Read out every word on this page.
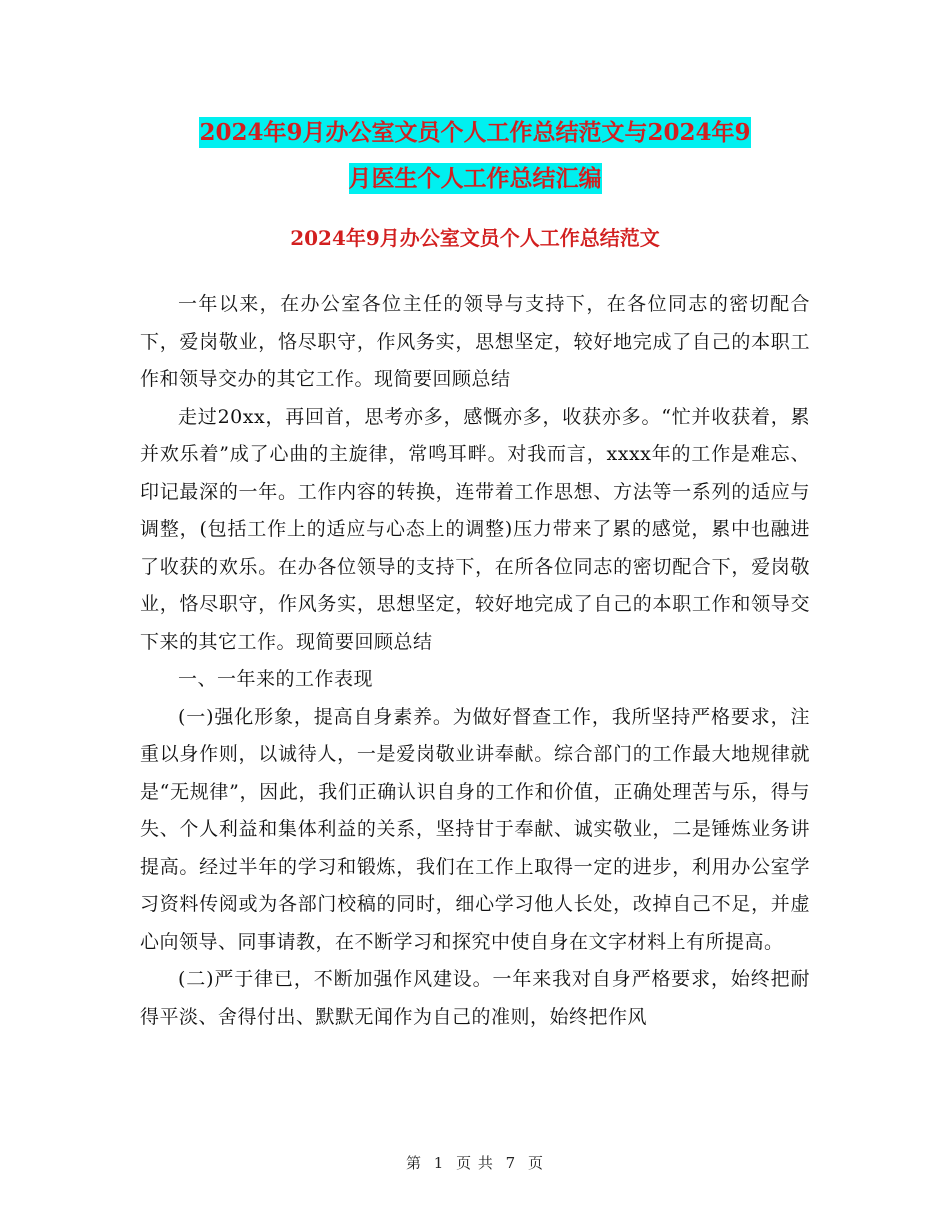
2024年9月办公室文员个人工作总结范文与2024年9
月医生个人工作总结汇编
2024年9月办公室文员个人工作总结范文

一年以来，在办公室各位主任的领导与支持下，在各位同志的密切配合下，爱岗敬业，恪尽职守，作风务实，思想坚定，较好地完成了自己的本职工作和领导交办的其它工作。现简要回顾总结

走过20xx，再回首，思考亦多，感慨亦多，收获亦多。“忙并收获着，累并欢乐着”成了心曲的主旋律，常鸣耳畔。对我而言，xxxx年的工作是难忘、印记最深的一年。工作内容的转换，连带着工作思想、方法等一系列的适应与调整，(包括工作上的适应与心态上的调整)压力带来了累的感觉，累中也融进了收获的欢乐。在办各位领导的支持下，在所各位同志的密切配合下，爱岗敬业，恪尽职守，作风务实，思想坚定，较好地完成了自己的本职工作和领导交下来的其它工作。现简要回顾总结

一、一年来的工作表现

(一)强化形象，提高自身素养。为做好督查工作，我所坚持严格要求，注重以身作则，以诚待人，一是爱岗敬业讲奉献。综合部门的工作最大地规律就是“无规律”，因此，我们正确认识自身的工作和价值，正确处理苦与乐，得与失、个人利益和集体利益的关系，坚持甘于奉献、诚实敬业，二是锤炼业务讲提高。经过半年的学习和锻炼，我们在工作上取得一定的进步，利用办公室学习资料传阅或为各部门校稿的同时，细心学习他人长处，改掉自己不足，并虚心向领导、同事请教，在不断学习和探究中使自身在文字材料上有所提高。

(二)严于律已，不断加强作风建设。一年来我对自身严格要求，始终把耐得平淡、舍得付出、默默无闻作为自己的准则，始终把作风

第 1 页 共 7 页
